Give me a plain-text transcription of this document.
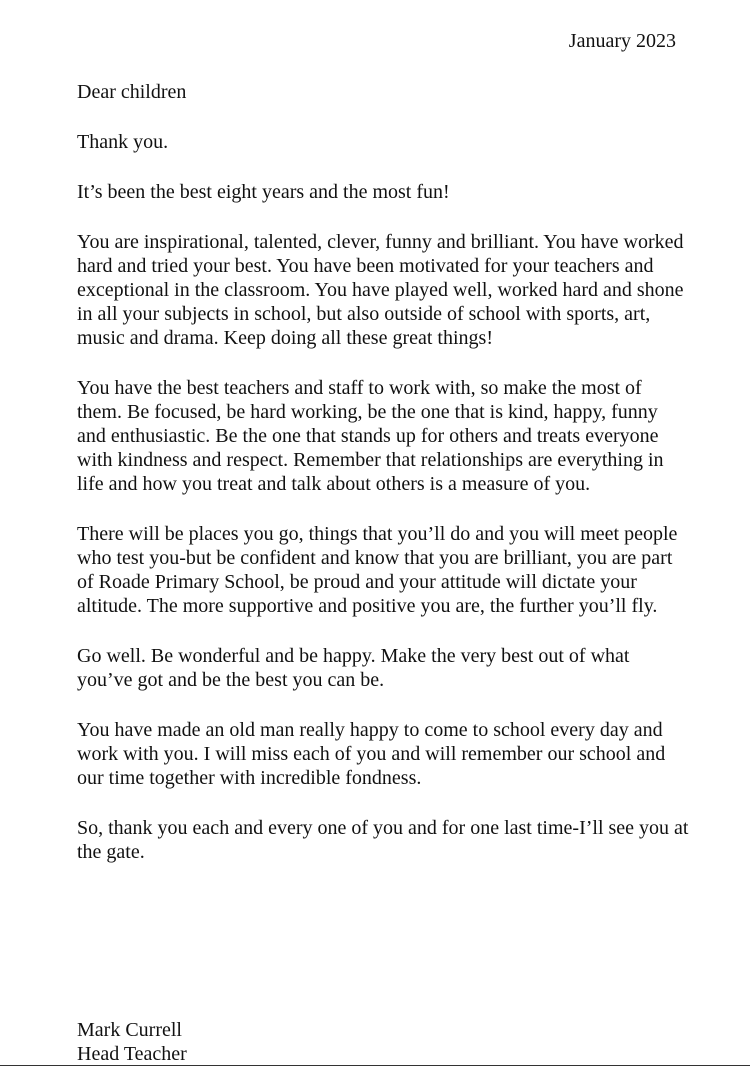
January 2023

Dear children

Thank you.

It’s been the best eight years and the most fun!

You are inspirational, talented, clever, funny and brilliant. You have worked hard and tried your best. You have been motivated for your teachers and exceptional in the classroom. You have played well, worked hard and shone in all your subjects in school, but also outside of school with sports, art, music and drama. Keep doing all these great things!

You have the best teachers and staff to work with, so make the most of them. Be focused, be hard working, be the one that is kind, happy, funny and enthusiastic. Be the one that stands up for others and treats everyone with kindness and respect. Remember that relationships are everything in life and how you treat and talk about others is a measure of you.

There will be places you go, things that you’ll do and you will meet people who test you-but be confident and know that you are brilliant, you are part of Roade Primary School, be proud and your attitude will dictate your altitude. The more supportive and positive you are, the further you’ll fly.

Go well. Be wonderful and be happy. Make the very best out of what you’ve got and be the best you can be.

You have made an old man really happy to come to school every day and work with you. I will miss each of you and will remember our school and our time together with incredible fondness.

So, thank you each and every one of you and for one last time-I’ll see you at the gate.

Mark Currell
Head Teacher
